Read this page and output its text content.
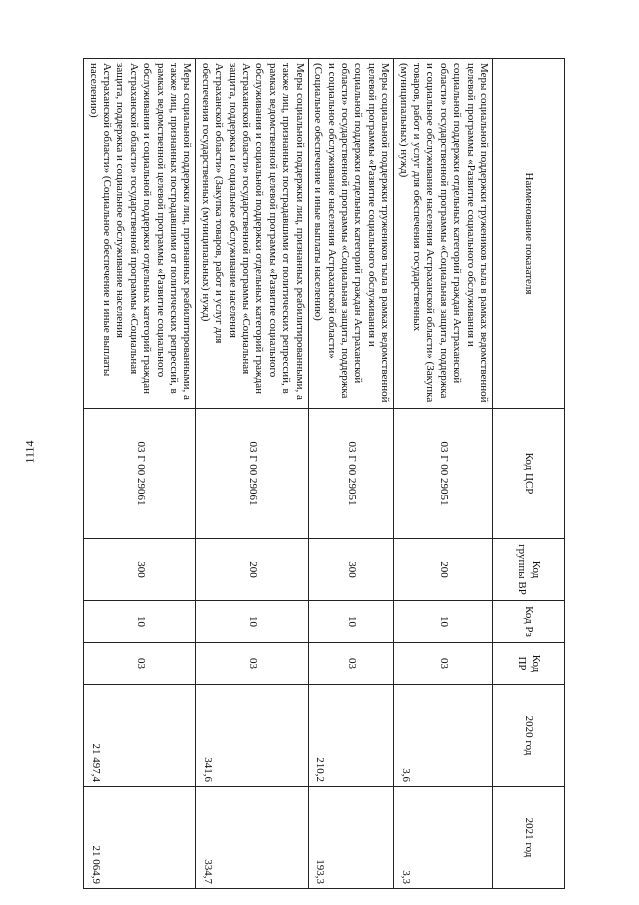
1114
Наименование показателя	Код ЦСР	Код группы ВР	Код Рз	Код ПР	2020 год	2021 год
Меры социальной поддержки тружеников тыла в рамках ведомственной целевой программы «Развитие социального обслуживания и социальной поддержки отдельных категорий граждан Астраханской области» государственной программы «Социальная защита, поддержка и социальное обслуживание населения Астраханской области» (Закупка товаров, работ и услуг для обеспечения государственных (муниципальных) нужд)	03 Г 00 29051	200	10	03	3,6	3,3
Меры социальной поддержки тружеников тыла в рамках ведомственной целевой программы «Развитие социального обслуживания и социальной поддержки отдельных категорий граждан Астраханской области» государственной программы «Социальная защита, поддержка и социальное обслуживание населения Астраханской области» (Социальное обеспечение и иные выплаты населению)	03 Г 00 29051	300	10	03	210,2	193,3
Меры социальной поддержки лиц, признанных реабилитированными, а также лиц, признанных пострадавшими от политических репрессий, в рамках ведомственной целевой программы «Развитие социального обслуживания и социальной поддержки отдельных категорий граждан Астраханской области» государственной программы «Социальная защита, поддержка и социальное обслуживание населения Астраханской области» (Закупка товаров, работ и услуг для обеспечения государственных (муниципальных) нужд)	03 Г 00 29061	200	10	03	341,6	334,7
Меры социальной поддержки лиц, признанных реабилитированными, а также лиц, признанных пострадавшими от политических репрессий, в рамках ведомственной целевой программы «Развитие социального обслуживания и социальной поддержки отдельных категорий граждан Астраханской области» государственной программы «Социальная защита, поддержка и социальное обслуживание населения Астраханской области» (Социальное обеспечение и иные выплаты населению)	03 Г 00 29061	300	10	03	21 497,4	21 064,9
